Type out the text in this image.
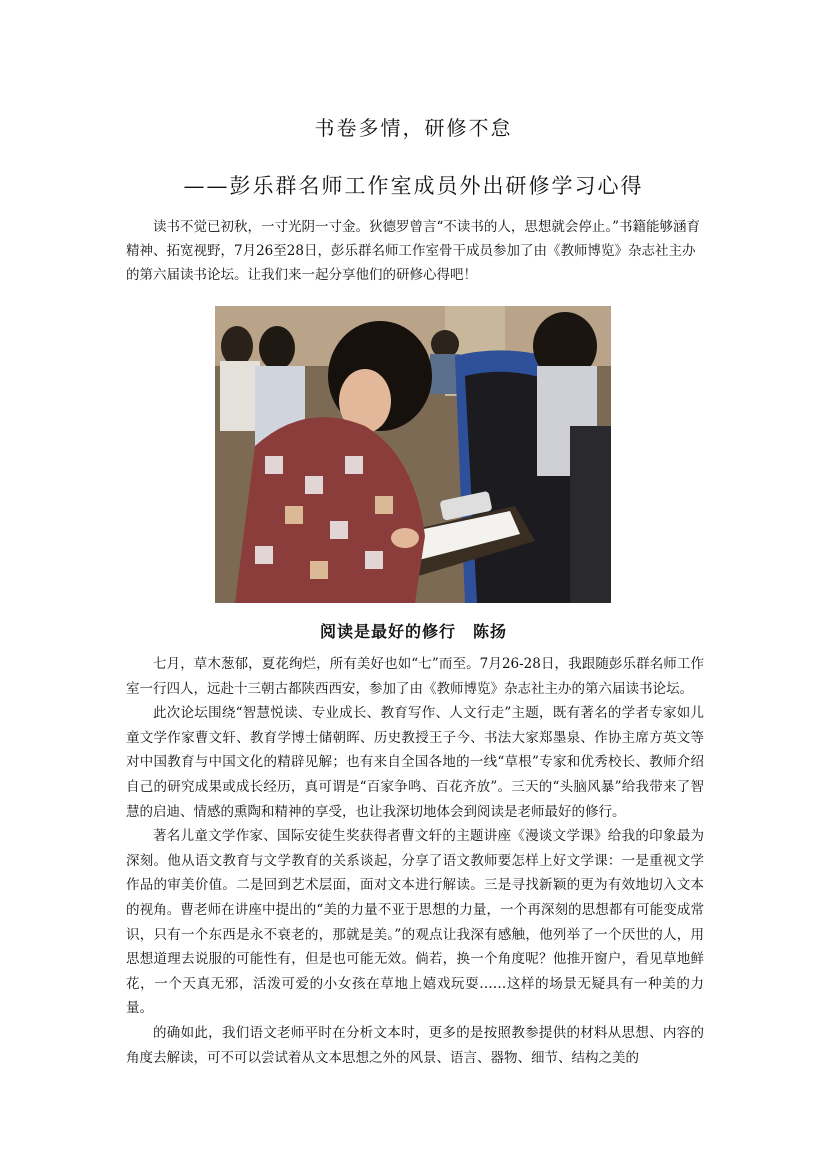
书卷多情，研修不怠
——彭乐群名师工作室成员外出研修学习心得

读书不觉已初秋，一寸光阴一寸金。狄德罗曾言“不读书的人，思想就会停止。”书籍能够涵育精神、拓宽视野，7月26至28日，彭乐群名师工作室骨干成员参加了由《教师博览》杂志社主办的第六届读书论坛。让我们来一起分享他们的研修心得吧！

阅读是最好的修行　陈扬

七月，草木葱郁，夏花绚烂，所有美好也如“七”而至。7月26-28日，我跟随彭乐群名师工作室一行四人，远赴十三朝古都陕西西安，参加了由《教师博览》杂志社主办的第六届读书论坛。

此次论坛围绕“智慧悦读、专业成长、教育写作、人文行走”主题，既有著名的学者专家如儿童文学作家曹文轩、教育学博士储朝晖、历史教授王子今、书法大家郑墨泉、作协主席方英文等对中国教育与中国文化的精辟见解；也有来自全国各地的一线“草根”专家和优秀校长、教师介绍自己的研究成果或成长经历，真可谓是“百家争鸣、百花齐放”。三天的“头脑风暴”给我带来了智慧的启迪、情感的熏陶和精神的享受，也让我深切地体会到阅读是老师最好的修行。

著名儿童文学作家、国际安徒生奖获得者曹文轩的主题讲座《漫谈文学课》给我的印象最为深刻。他从语文教育与文学教育的关系谈起，分享了语文教师要怎样上好文学课：一是重视文学作品的审美价值。二是回到艺术层面，面对文本进行解读。三是寻找新颖的更为有效地切入文本的视角。曹老师在讲座中提出的“美的力量不亚于思想的力量，一个再深刻的思想都有可能变成常识，只有一个东西是永不衰老的，那就是美。”的观点让我深有感触，他列举了一个厌世的人，用思想道理去说服的可能性有，但是也可能无效。倘若，换一个角度呢？他推开窗户，看见草地鲜花，一个天真无邪，活泼可爱的小女孩在草地上嬉戏玩耍……这样的场景无疑具有一种美的力量。

的确如此，我们语文老师平时在分析文本时，更多的是按照教参提供的材料从思想、内容的角度去解读，可不可以尝试着从文本思想之外的风景、语言、器物、细节、结构之美的
